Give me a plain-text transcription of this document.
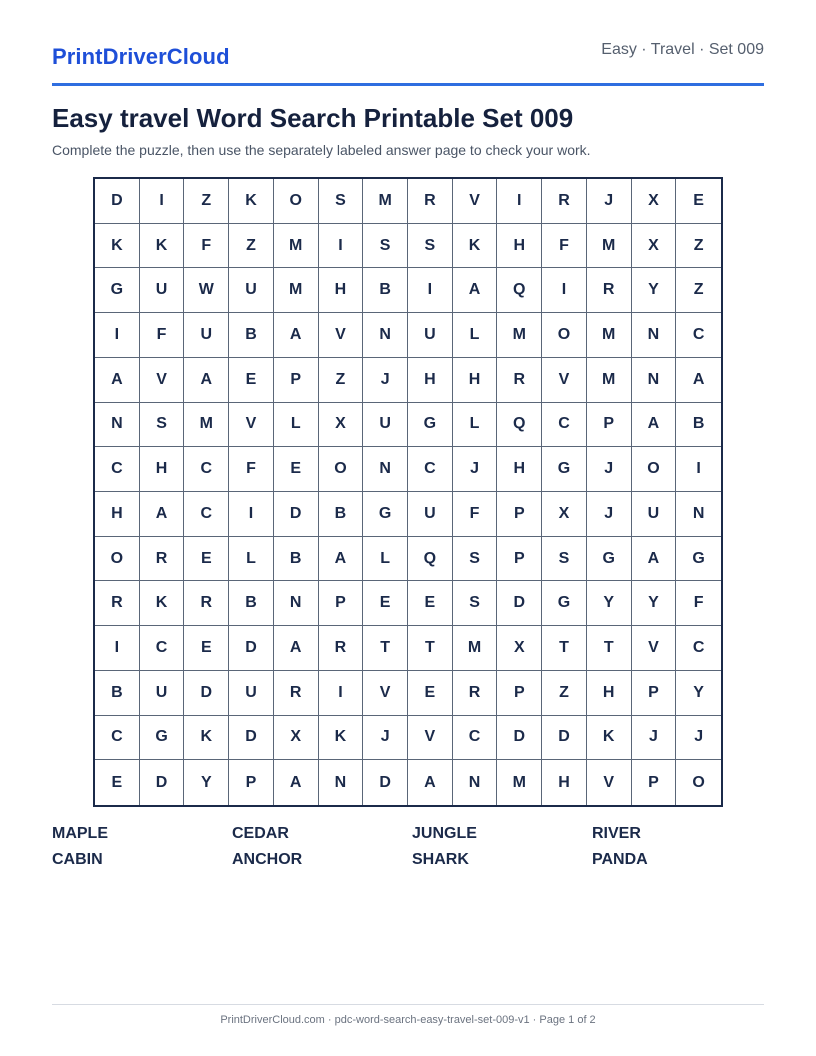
PrintDriverCloud	Easy · Travel · Set 009
Easy travel Word Search Printable Set 009

Complete the puzzle, then use the separately labeled answer page to check your work.

D	I	Z	K	O	S	M	R	V	I	R	J	X	E
K	K	F	Z	M	I	S	S	K	H	F	M	X	Z
G	U	W	U	M	H	B	I	A	Q	I	R	Y	Z
I	F	U	B	A	V	N	U	L	M	O	M	N	C
A	V	A	E	P	Z	J	H	H	R	V	M	N	A
N	S	M	V	L	X	U	G	L	Q	C	P	A	B
C	H	C	F	E	O	N	C	J	H	G	J	O	I
H	A	C	I	D	B	G	U	F	P	X	J	U	N
O	R	E	L	B	A	L	Q	S	P	S	G	A	G
R	K	R	B	N	P	E	E	S	D	G	Y	Y	F
I	C	E	D	A	R	T	T	M	X	T	T	V	C
B	U	D	U	R	I	V	E	R	P	Z	H	P	Y
C	G	K	D	X	K	J	V	C	D	D	K	J	J
E	D	Y	P	A	N	D	A	N	M	H	V	P	O
MAPLE	CEDAR	JUNGLE	RIVER
CABIN	ANCHOR	SHARK	PANDA
PrintDriverCloud.com · pdc-word-search-easy-travel-set-009-v1 · Page 1 of 2
